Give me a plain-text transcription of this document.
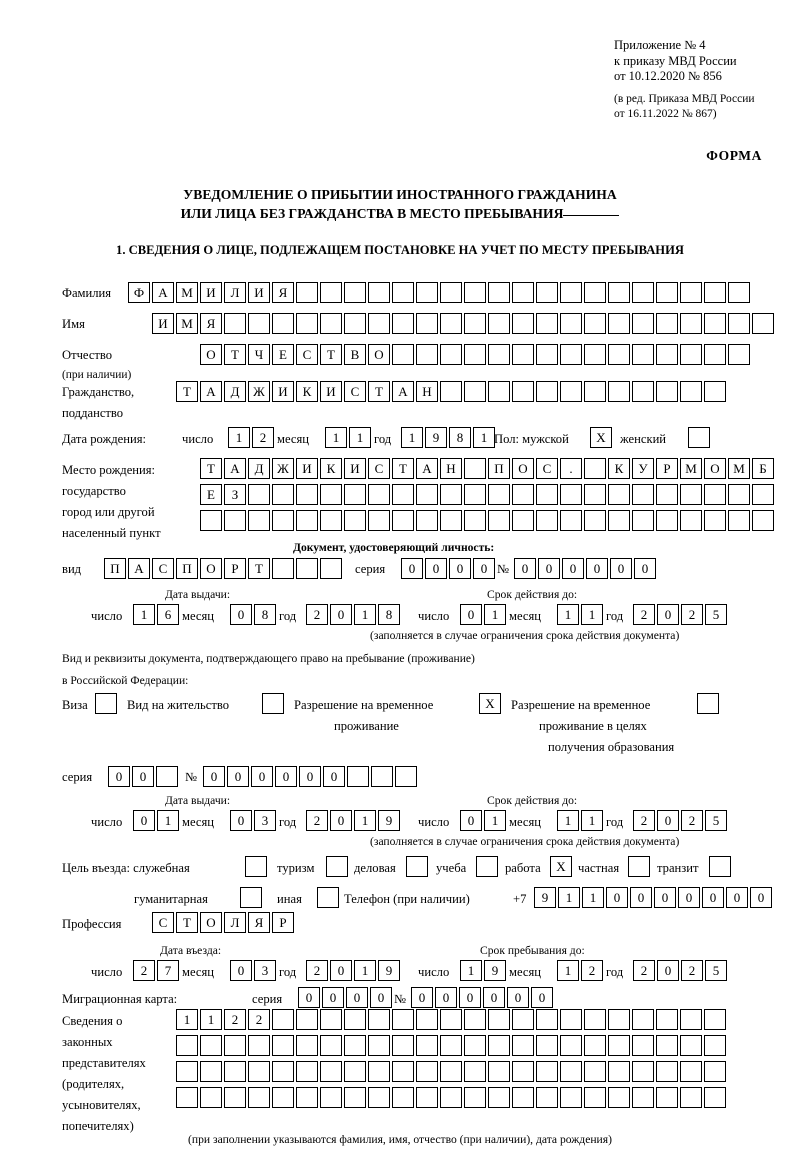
Приложение № 4
к приказу МВД России
от 10.12.2020 № 856
(в ред. Приказа МВД России
от 16.11.2022 № 867)
ФОРМА
УВЕДОМЛЕНИЕ О ПРИБЫТИИ ИНОСТРАННОГО ГРАЖДАНИНА
ИЛИ ЛИЦА БЕЗ ГРАЖДАНСТВА В МЕСТО ПРЕБЫВАНИЯ
1. СВЕДЕНИЯ О ЛИЦЕ, ПОДЛЕЖАЩЕМ ПОСТАНОВКЕ НА УЧЕТ ПО МЕСТУ ПРЕБЫВАНИЯ
Фамилия	Ф	А	М	И	Л	И	Я
Имя	И	М	Я
Отчество
(при наличии)
О	Т	Ч	Е	С	Т	В	О
Гражданство,
подданство
Т	А	Д	Ж	И	К	И	С	Т	А	Н
Дата рождения:	число	1	2 месяц	1	1 год	1	9	8	1 Пол: мужской	X	женский
Место рождения:
государство
город или другой
населенный пункт
Т	А	Д	Ж	И	К	И	С	Т	А	Н	П	О	С	.	К	У	Р	М	О	М	Б
Е	З
Документ, удостоверяющий личность:
вид	П	А	С	П	О	Р	Т	серия	0	0	0	0 № 0	0	0	0	0	0
Дата выдачи:	Срок действия до:
число	1	6 месяц	0	8 год	2	0	1	8	число	0	1 месяц	1	1 год	2	0	2	5
(заполняется в случае ограничения срока действия документа)
Вид и реквизиты документа, подтверждающего право на пребывание (проживание)
в Российской Федерации:
Виза	Вид на жительство	Разрешение на временное
проживание
X	Разрешение на временное
проживание в целях
получения образования
серия	0	0	№	0	0	0	0	0	0
Дата выдачи:	Срок действия до:
число	0	1 месяц	0	3 год	2	0	1	9	число	0	1 месяц	1	1 год	2	0	2	5
(заполняется в случае ограничения срока действия документа)
Цель въезда: служебная	туризм	деловая	учеба	работа	X частная	транзит
гуманитарная	иная	Телефон (при наличии)	+7	9	1	1	0	0	0	0	0	0	0
Профессия	С	Т	О	Л	Я	Р
Дата въезда:	Срок пребывания до:
число	2	7 месяц	0	3 год	2	0	1	9	число	1	9 месяц	1	2 год	2	0	2	5
Миграционная карта:	серия	0	0	0	0 № 0	0	0	0	0	0
Сведения о
законных
представителях
(родителях,
усыновителях,
попечителях)
1	1	2	2
(при заполнении указываются фамилия, имя, отчество (при наличии), дата рождения)
